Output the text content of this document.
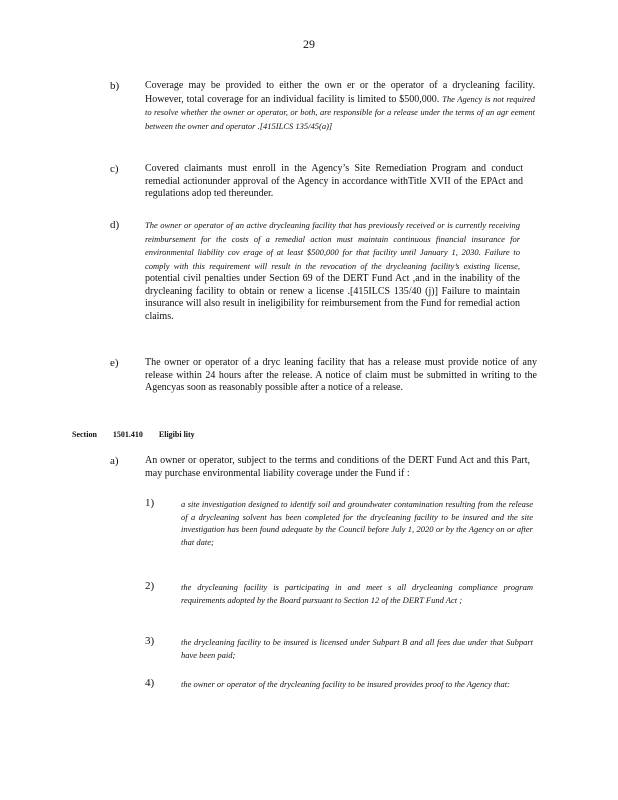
29
b)	Coverage may be provided to either the own er or the operator of a drycleaning facility. However, total coverage for an individual facility is limited to $500,000. The Agency is not required to resolve whether the owner or operator, or both, are responsible for a release under the terms of an agr eement between the owner and operator .[415ILCS 135/45(a)]
c)	Covered claimants must enroll in the Agency’s Site Remediation Program and conduct remedial actionunder approval of the Agency in accordance withTitle XVII of the EPAct and regulations adop ted thereunder.
d)	The owner or operator of an active drycleaning facility that has previously received or is currently receiving reimbursement for the costs of a remedial action must maintain continuous financial insurance for environmental liability cov erage of at least $500,000 for that facility until January 1, 2030. Failure to comply with this requirement will result in the revocation of the drycleaning facility’s existing license, potential civil penalties under Section 69 of the DERT Fund Act ,and in the inability of the drycleaning facility to obtain or renew a license .[415ILCS 135/40 (j)] Failure to maintain insurance will also result in ineligibility for reimbursement from the Fund for remedial action claims.
e)	The owner or operator of a dryc leaning facility that has a release must provide notice of any release within 24 hours after the release. A notice of claim must be submitted in writing to the Agencyas soon as reasonably possible after a notice of a release.
Section 1501.410 Eligibi lity
a)	An owner or operator, subject to the terms and conditions of the DERT Fund Act and this Part, may purchase environmental liability coverage under the Fund if :
1)	a site investigation designed to identify soil and groundwater contamination resulting from the release of a drycleaning solvent has been completed for the drycleaning facility to be insured and the site investigation has been found adequate by the Council before July 1, 2020 or by the Agency on or after that date;
2)	the drycleaning facility is participating in and meet s all drycleaning compliance program requirements adopted by the Board pursuant to Section 12 of the DERT Fund Act ;
3)	the drycleaning facility to be insured is licensed under Subpart B and all fees due under that Subpart have been paid;
4)	the owner or operator of the drycleaning facility to be insured provides proof to the Agency that:
